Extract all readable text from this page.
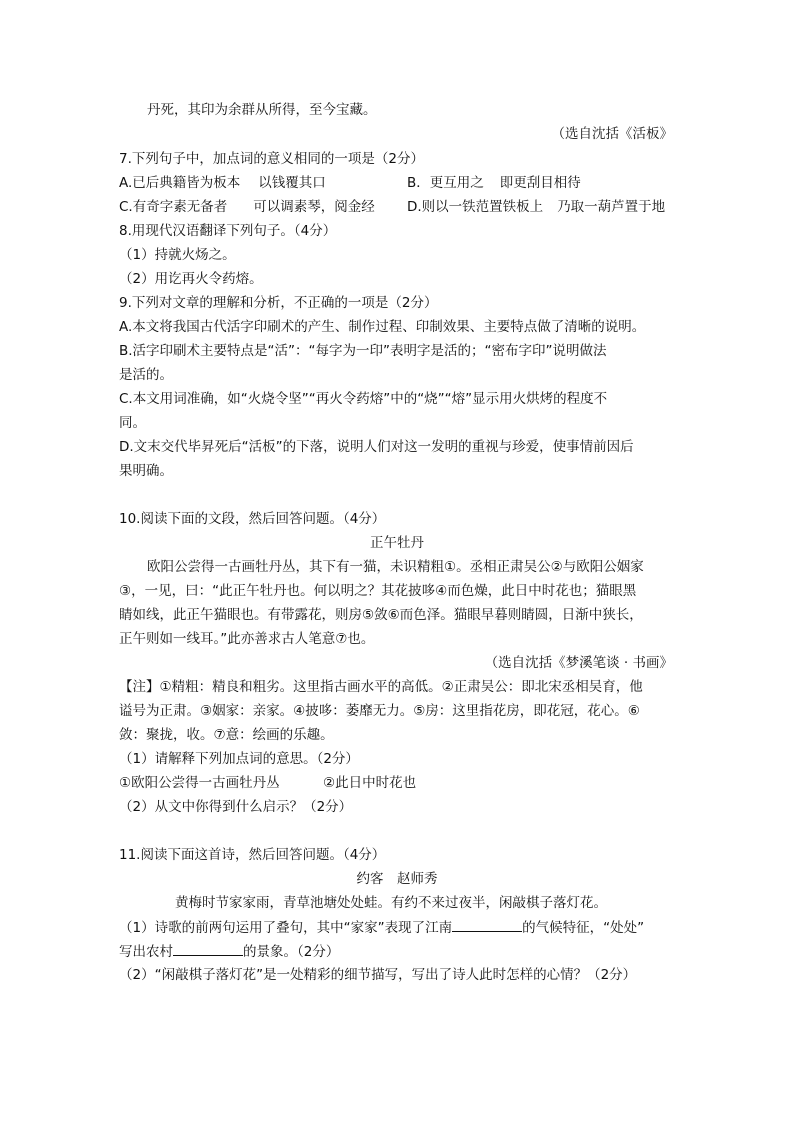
丹死，其印为余群从所得，至今宝藏。
（选自沈括《活板》
7.下列句子中，加点词的意义相同的一项是（2分）
A.已后典籍皆为板本 以钱覆其口	B．更互用之 即更刮目相待
C.有奇字素无备者 可以调素琴，阅金经 D.则以一铁范置铁板上 乃取一葫芦置于地
8.用现代汉语翻译下列句子。（4分）
（1）持就火炀之。
（2）用讫再火令药熔。
9.下列对文章的理解和分析，不正确的一项是（2分）
A.本文将我国古代活字印刷术的产生、制作过程、印制效果、主要特点做了清晰的说明。
B.活字印刷术主要特点是“活”：“每字为一印”表明字是活的；“密布字印”说明做法
是活的。
C.本文用词准确，如“火烧令坚”“再火令药熔”中的“烧”“熔”显示用火烘烤的程度不
同。
D.文末交代毕昇死后“活板”的下落，说明人们对这一发明的重视与珍爱，使事情前因后
果明确。
10.阅读下面的文段，然后回答问题。（4分）
正午牡丹
欧阳公尝得一古画牡丹丛，其下有一猫，未识精粗①。丞相正肃吴公②与欧阳公姻家
③，一见，曰：“此正午牡丹也。何以明之？其花披哆④而色燥，此日中时花也；猫眼黑
睛如线，此正午猫眼也。有带露花，则房⑤敛⑥而色泽。猫眼早暮则睛圆，日渐中狭长，
正午则如一线耳。”此亦善求古人笔意⑦也。
（选自沈括《梦溪笔谈 · 书画》
【注】①精粗：精良和粗劣。这里指古画水平的高低。②正肃吴公：即北宋丞相吴育，他
谥号为正肃。③姻家：亲家。④披哆：萎靡无力。⑤房：这里指花房，即花冠，花心。⑥
敛：聚拢，收。⑦意：绘画的乐趣。
（1）请解释下列加点词的意思。（2分）
①欧阳公尝得一古画牡丹丛	②此日中时花也
（2）从文中你得到什么启示？（2分）
11.阅读下面这首诗，然后回答问题。（4分）
约客　赵师秀
黄梅时节家家雨，青草池塘处处蛙。有约不来过夜半，闲敲棋子落灯花。
（1）诗歌的前两句运用了叠句，其中“家家”表现了江南	的气候特征，“处处”
写出农村	的景象。（2分）
（2）“闲敲棋子落灯花”是一处精彩的细节描写，写出了诗人此时怎样的心情？（2分）
